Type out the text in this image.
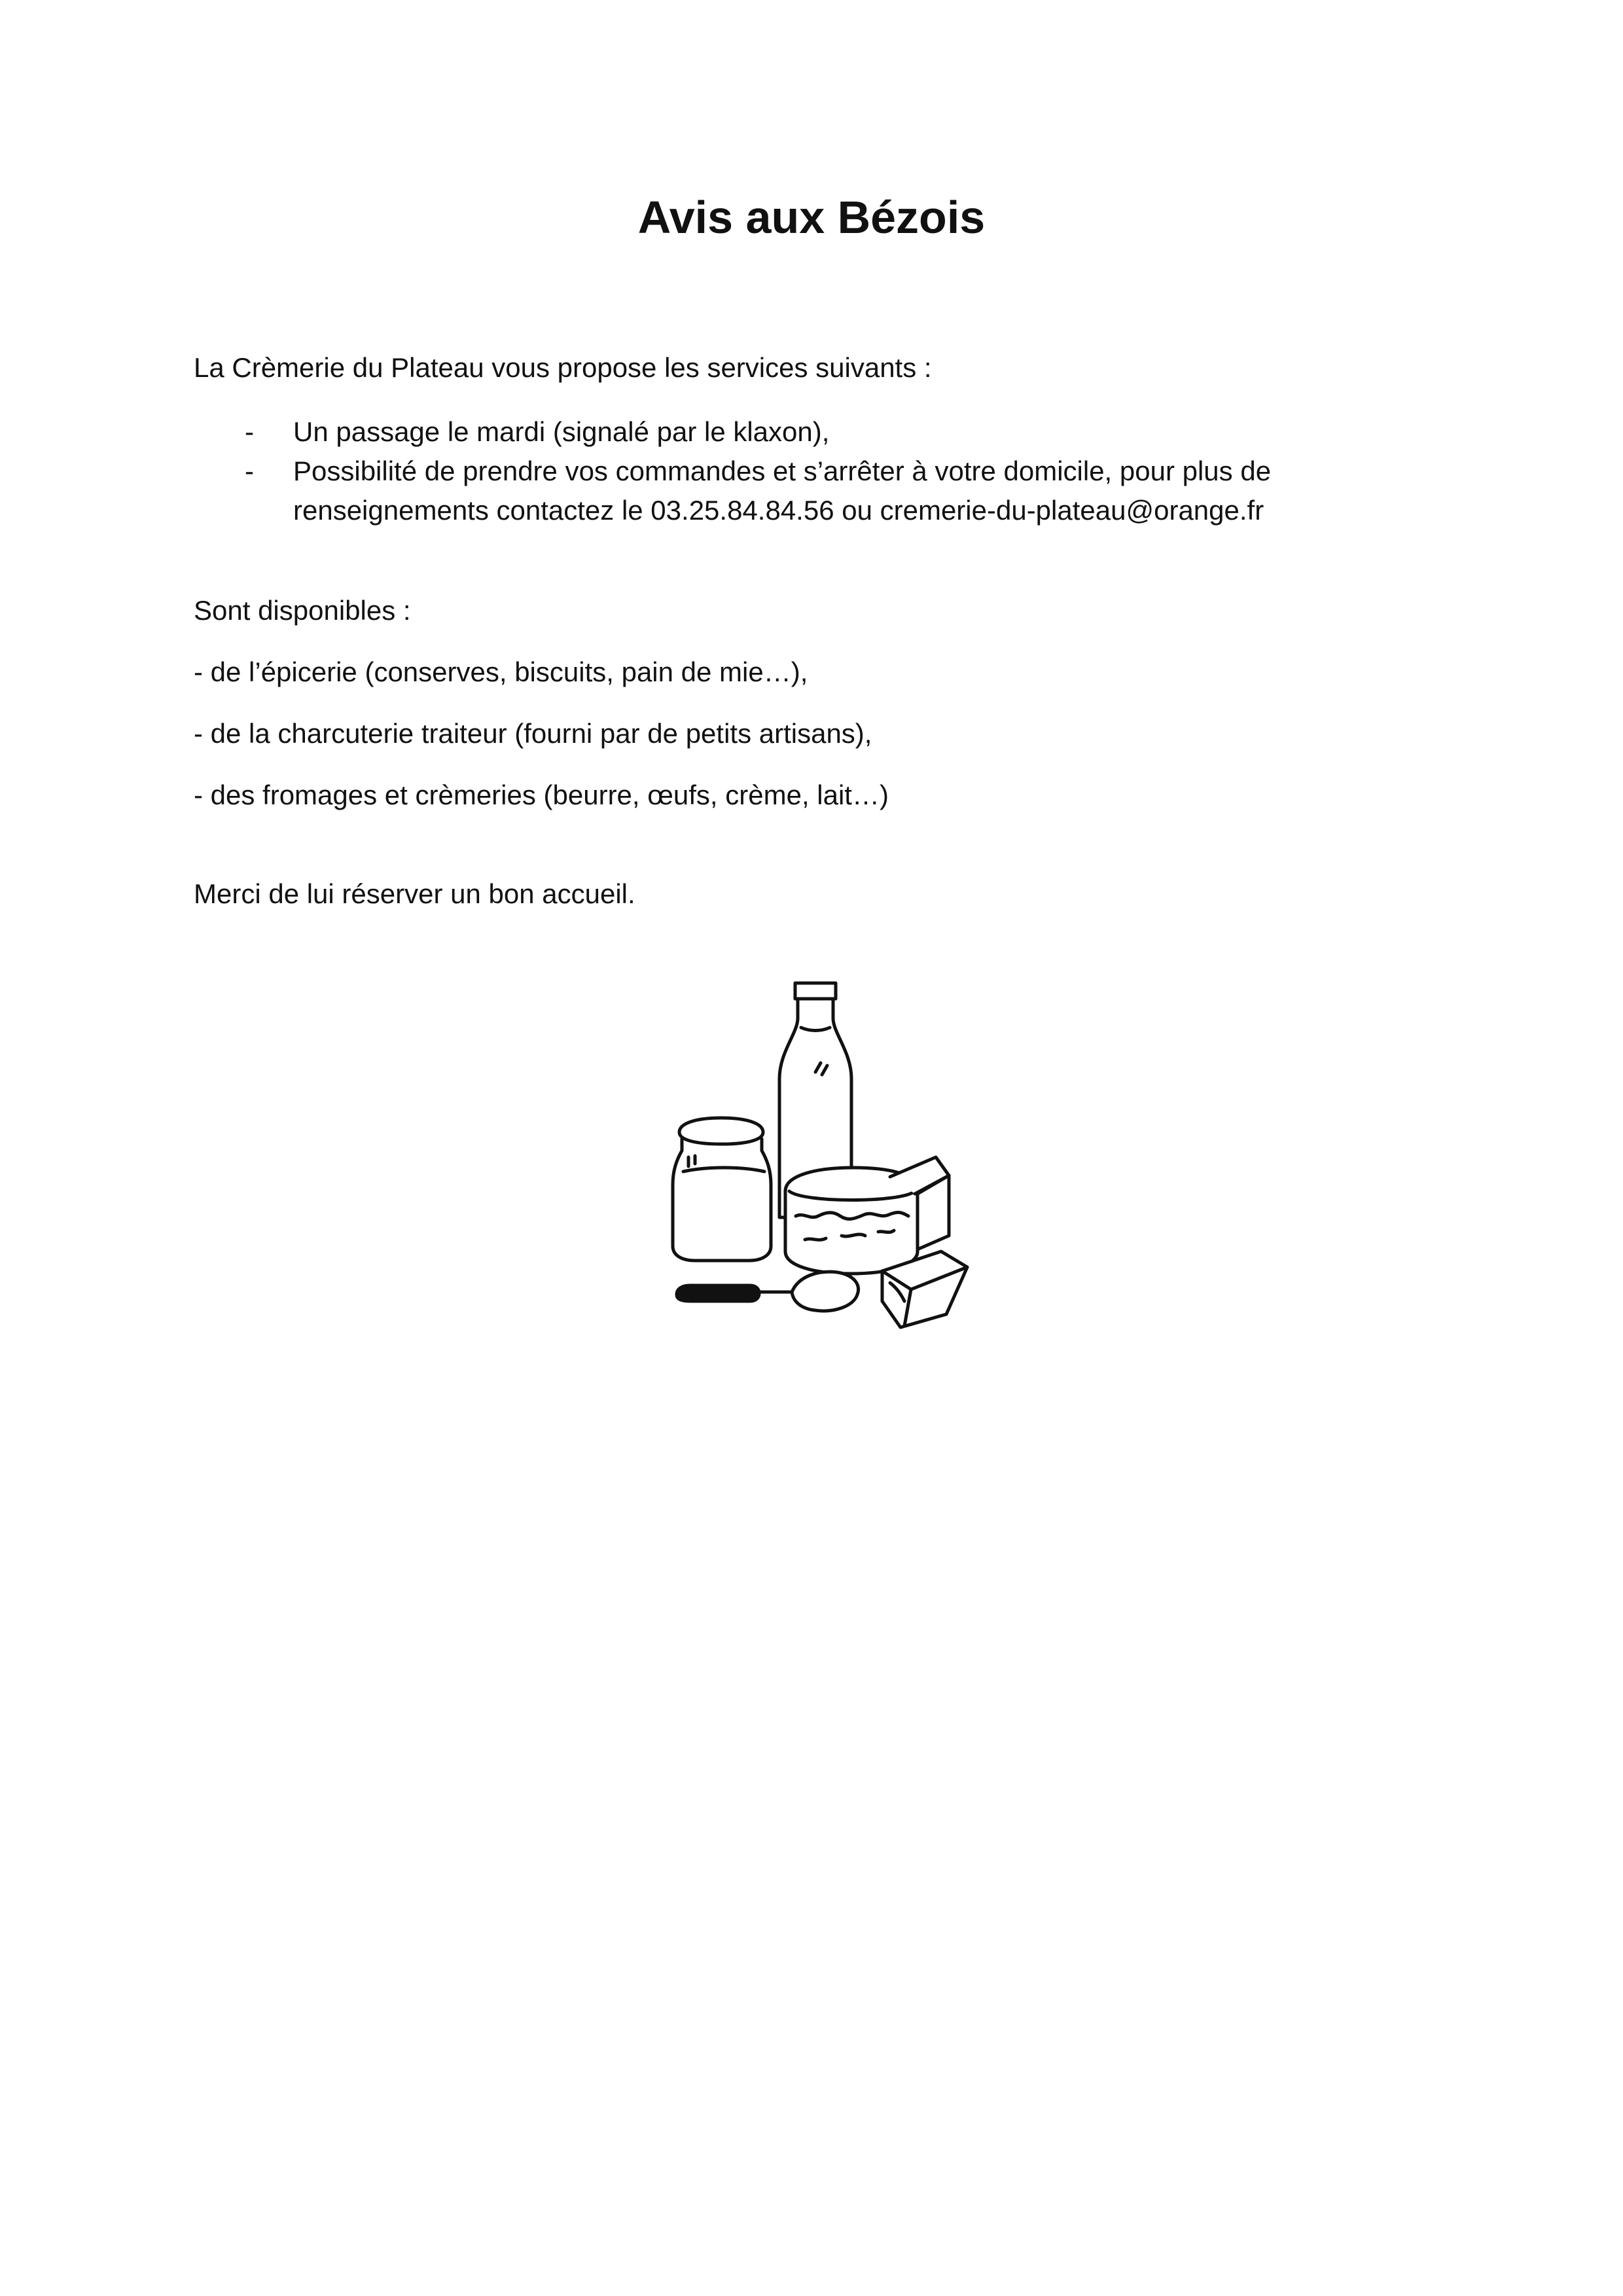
Avis aux Bézois

La Crèmerie du Plateau vous propose les services suivants :

- Un passage le mardi (signalé par le klaxon),
- Possibilité de prendre vos commandes et s’arrêter à votre domicile, pour plus de renseignements contactez le 03.25.84.84.56 ou cremerie-du-plateau@orange.fr

Sont disponibles :

- de l’épicerie (conserves, biscuits, pain de mie…),

- de la charcuterie traiteur (fourni par de petits artisans),

- des fromages et crèmeries (beurre, œufs, crème, lait…)

Merci de lui réserver un bon accueil.
